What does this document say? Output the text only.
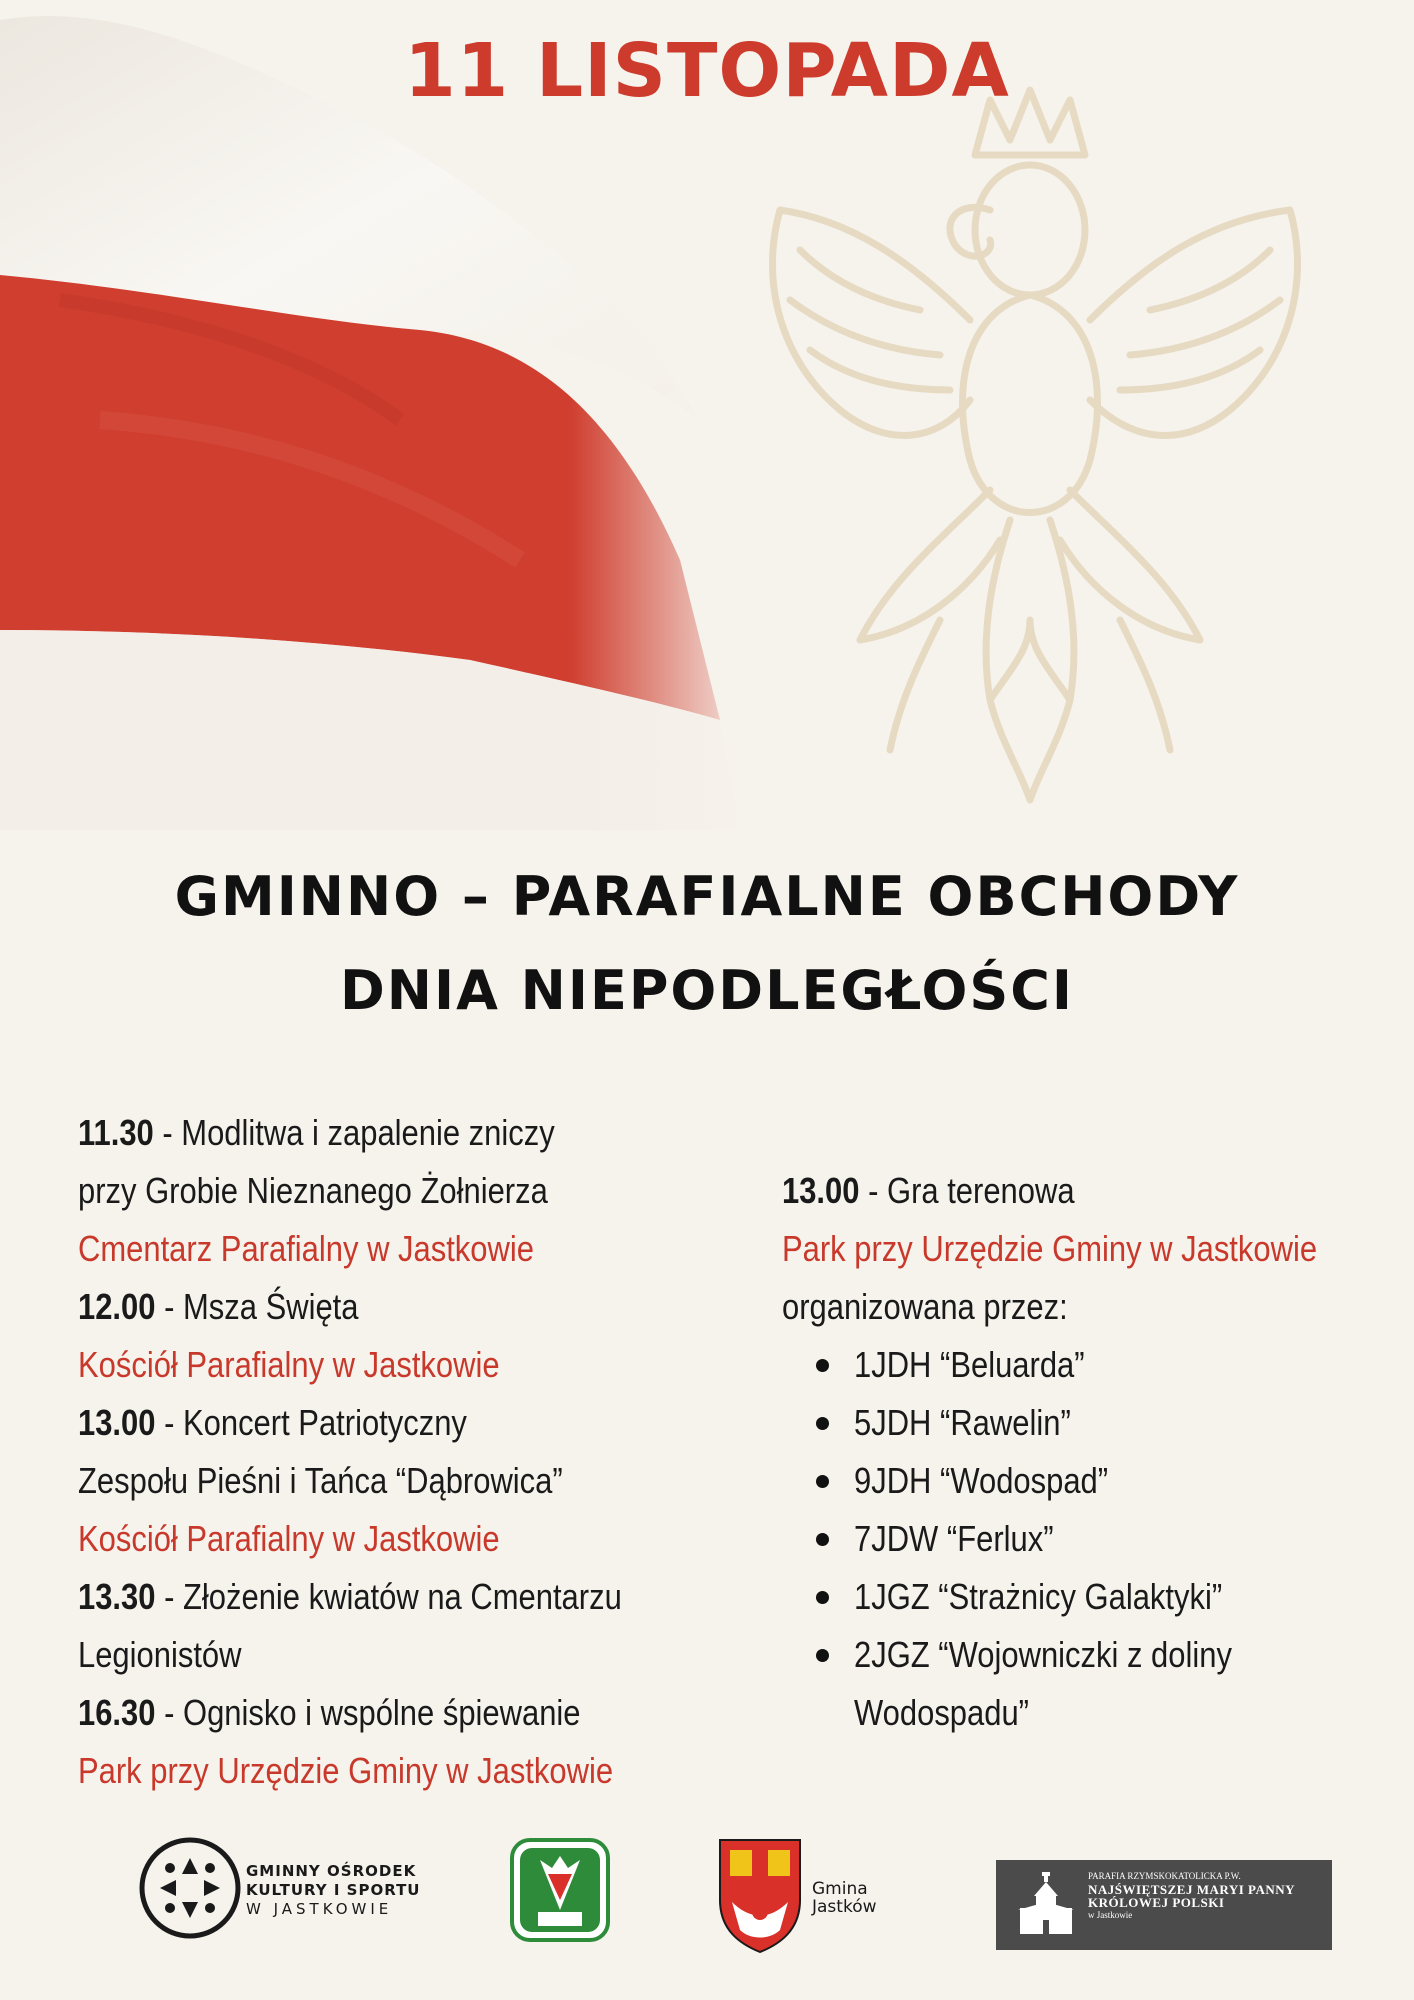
11 LISTOPADA
GMINNO – PARAFIALNE OBCHODY
DNIA NIEPODLEGŁOŚCI
11.30 - Modlitwa i zapalenie zniczy
przy Grobie Nieznanego Żołnierza
Cmentarz Parafialny w Jastkowie
12.00 - Msza Święta
Kościół Parafialny w Jastkowie
13.00 - Koncert Patriotyczny
Zespołu Pieśni i Tańca “Dąbrowica”
Kościół Parafialny w Jastkowie
13.30 - Złożenie kwiatów na Cmentarzu
Legionistów
16.30 - Ognisko i wspólne śpiewanie
Park przy Urzędzie Gminy w Jastkowie
13.00 - Gra terenowa
Park przy Urzędzie Gminy w Jastkowie
organizowana przez:
1JDH “Beluarda”
5JDH “Rawelin”
9JDH “Wodospad”
7JDW “Ferlux”
1JGZ “Strażnicy Galaktyki”
2JGZ “Wojowniczki z doliny
Wodospadu”
GMINNY OŚRODEK
KULTURY I SPORTU
W JASTKOWIE
Gmina
Jastków
PARAFIA RZYMSKOKATOLICKA P.W.
NAJŚWIĘTSZEJ MARYI PANNY
KRÓLOWEJ POLSKI
w Jastkowie
